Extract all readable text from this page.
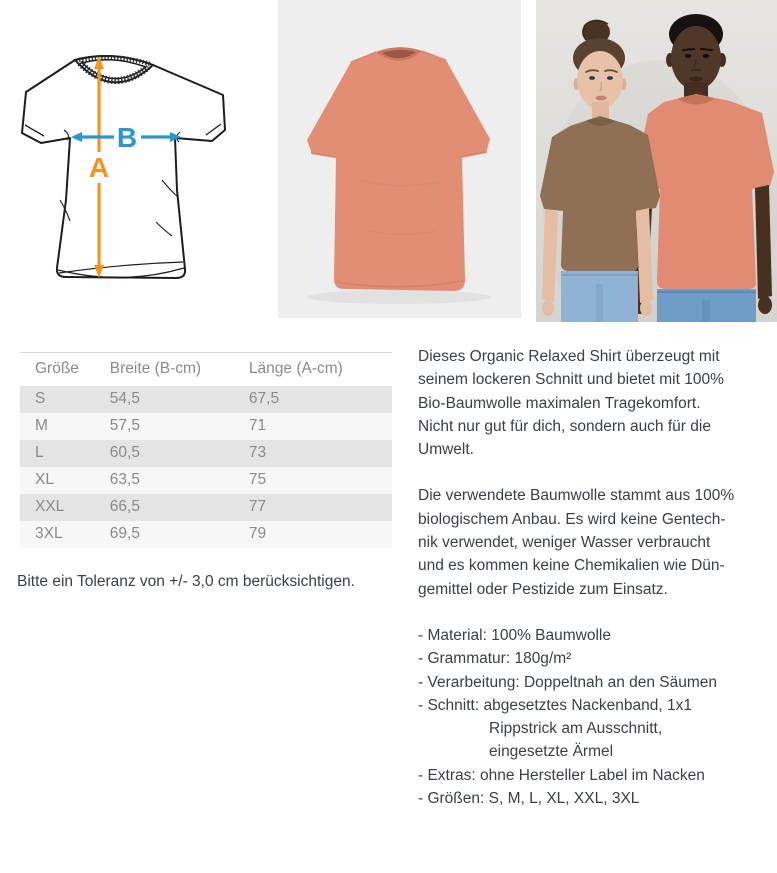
A
B
Größe	Breite (B-cm)	Länge (A-cm)
S	54,5	67,5
M	57,5	71
L	60,5	73
XL	63,5	75
XXL	66,5	77
3XL	69,5	79

Bitte ein Toleranz von +/- 3,0 cm berücksichtigen.

Dieses Organic Relaxed Shirt überzeugt mit
seinem lockeren Schnitt und bietet mit 100%
Bio-Baumwolle maximalen Tragekomfort.
Nicht nur gut für dich, sondern auch für die
Umwelt.
Die verwendete Baumwolle stammt aus 100%
biologischem Anbau. Es wird keine Gentech-
nik verwendet, weniger Wasser verbraucht
und es kommen keine Chemikalien wie Dün-
gemittel oder Pestizide zum Einsatz.
- Material: 100% Baumwolle
- Grammatur: 180g/m²
- Verarbeitung: Doppeltnah an den Säumen
- Schnitt: abgesetztes Nackenband, 1x1
Rippstrick am Ausschnitt,
eingesetzte Ärmel
- Extras: ohne Hersteller Label im Nacken
- Größen: S, M, L, XL, XXL, 3XL
